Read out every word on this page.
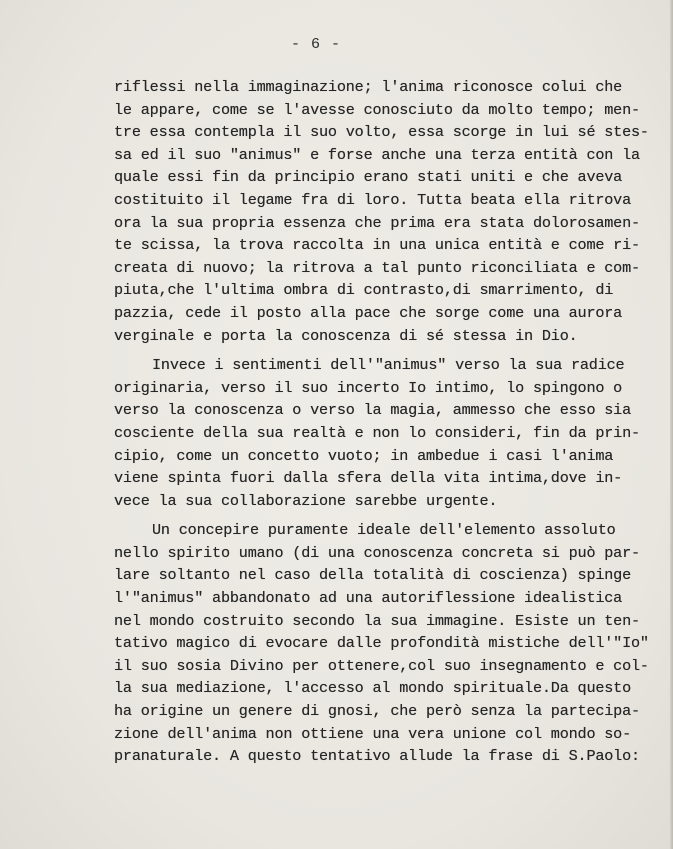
- 6 -
riflessi nella immaginazione; l'anima riconosce colui che
le appare, come se l'avesse conosciuto da molto tempo; men-
tre essa contempla il suo volto, essa scorge in lui sé stes-
sa ed il suo "animus" e forse anche una terza entità con la
quale essi fin da principio erano stati uniti e che aveva
costituito il legame fra di loro. Tutta beata ella ritrova
ora la sua propria essenza che prima era stata dolorosamen-
te scissa, la trova raccolta in una unica entità e come ri-
creata di nuovo; la ritrova a tal punto riconciliata e com-
piuta,che l'ultima ombra di contrasto,di smarrimento, di
pazzia, cede il posto alla pace che sorge come una aurora
verginale e porta la conoscenza di sé stessa in Dio.
Invece i sentimenti dell'"animus" verso la sua radice
originaria, verso il suo incerto Io intimo, lo spingono o
verso la conoscenza o verso la magia, ammesso che esso sia
cosciente della sua realtà e non lo consideri, fin da prin-
cipio, come un concetto vuoto; in ambedue i casi l'anima
viene spinta fuori dalla sfera della vita intima,dove in-
vece la sua collaborazione sarebbe urgente.
Un concepire puramente ideale dell'elemento assoluto
nello spirito umano (di una conoscenza concreta si può par-
lare soltanto nel caso della totalità di coscienza) spinge
l'"animus" abbandonato ad una autoriflessione idealistica
nel mondo costruito secondo la sua immagine. Esiste un ten-
tativo magico di evocare dalle profondità mistiche dell'"Io"
il suo sosia Divino per ottenere,col suo insegnamento e col-
la sua mediazione, l'accesso al mondo spirituale.Da questo
ha origine un genere di gnosi, che però senza la partecipa-
zione dell'anima non ottiene una vera unione col mondo so-
pranaturale. A questo tentativo allude la frase di S.Paolo:
